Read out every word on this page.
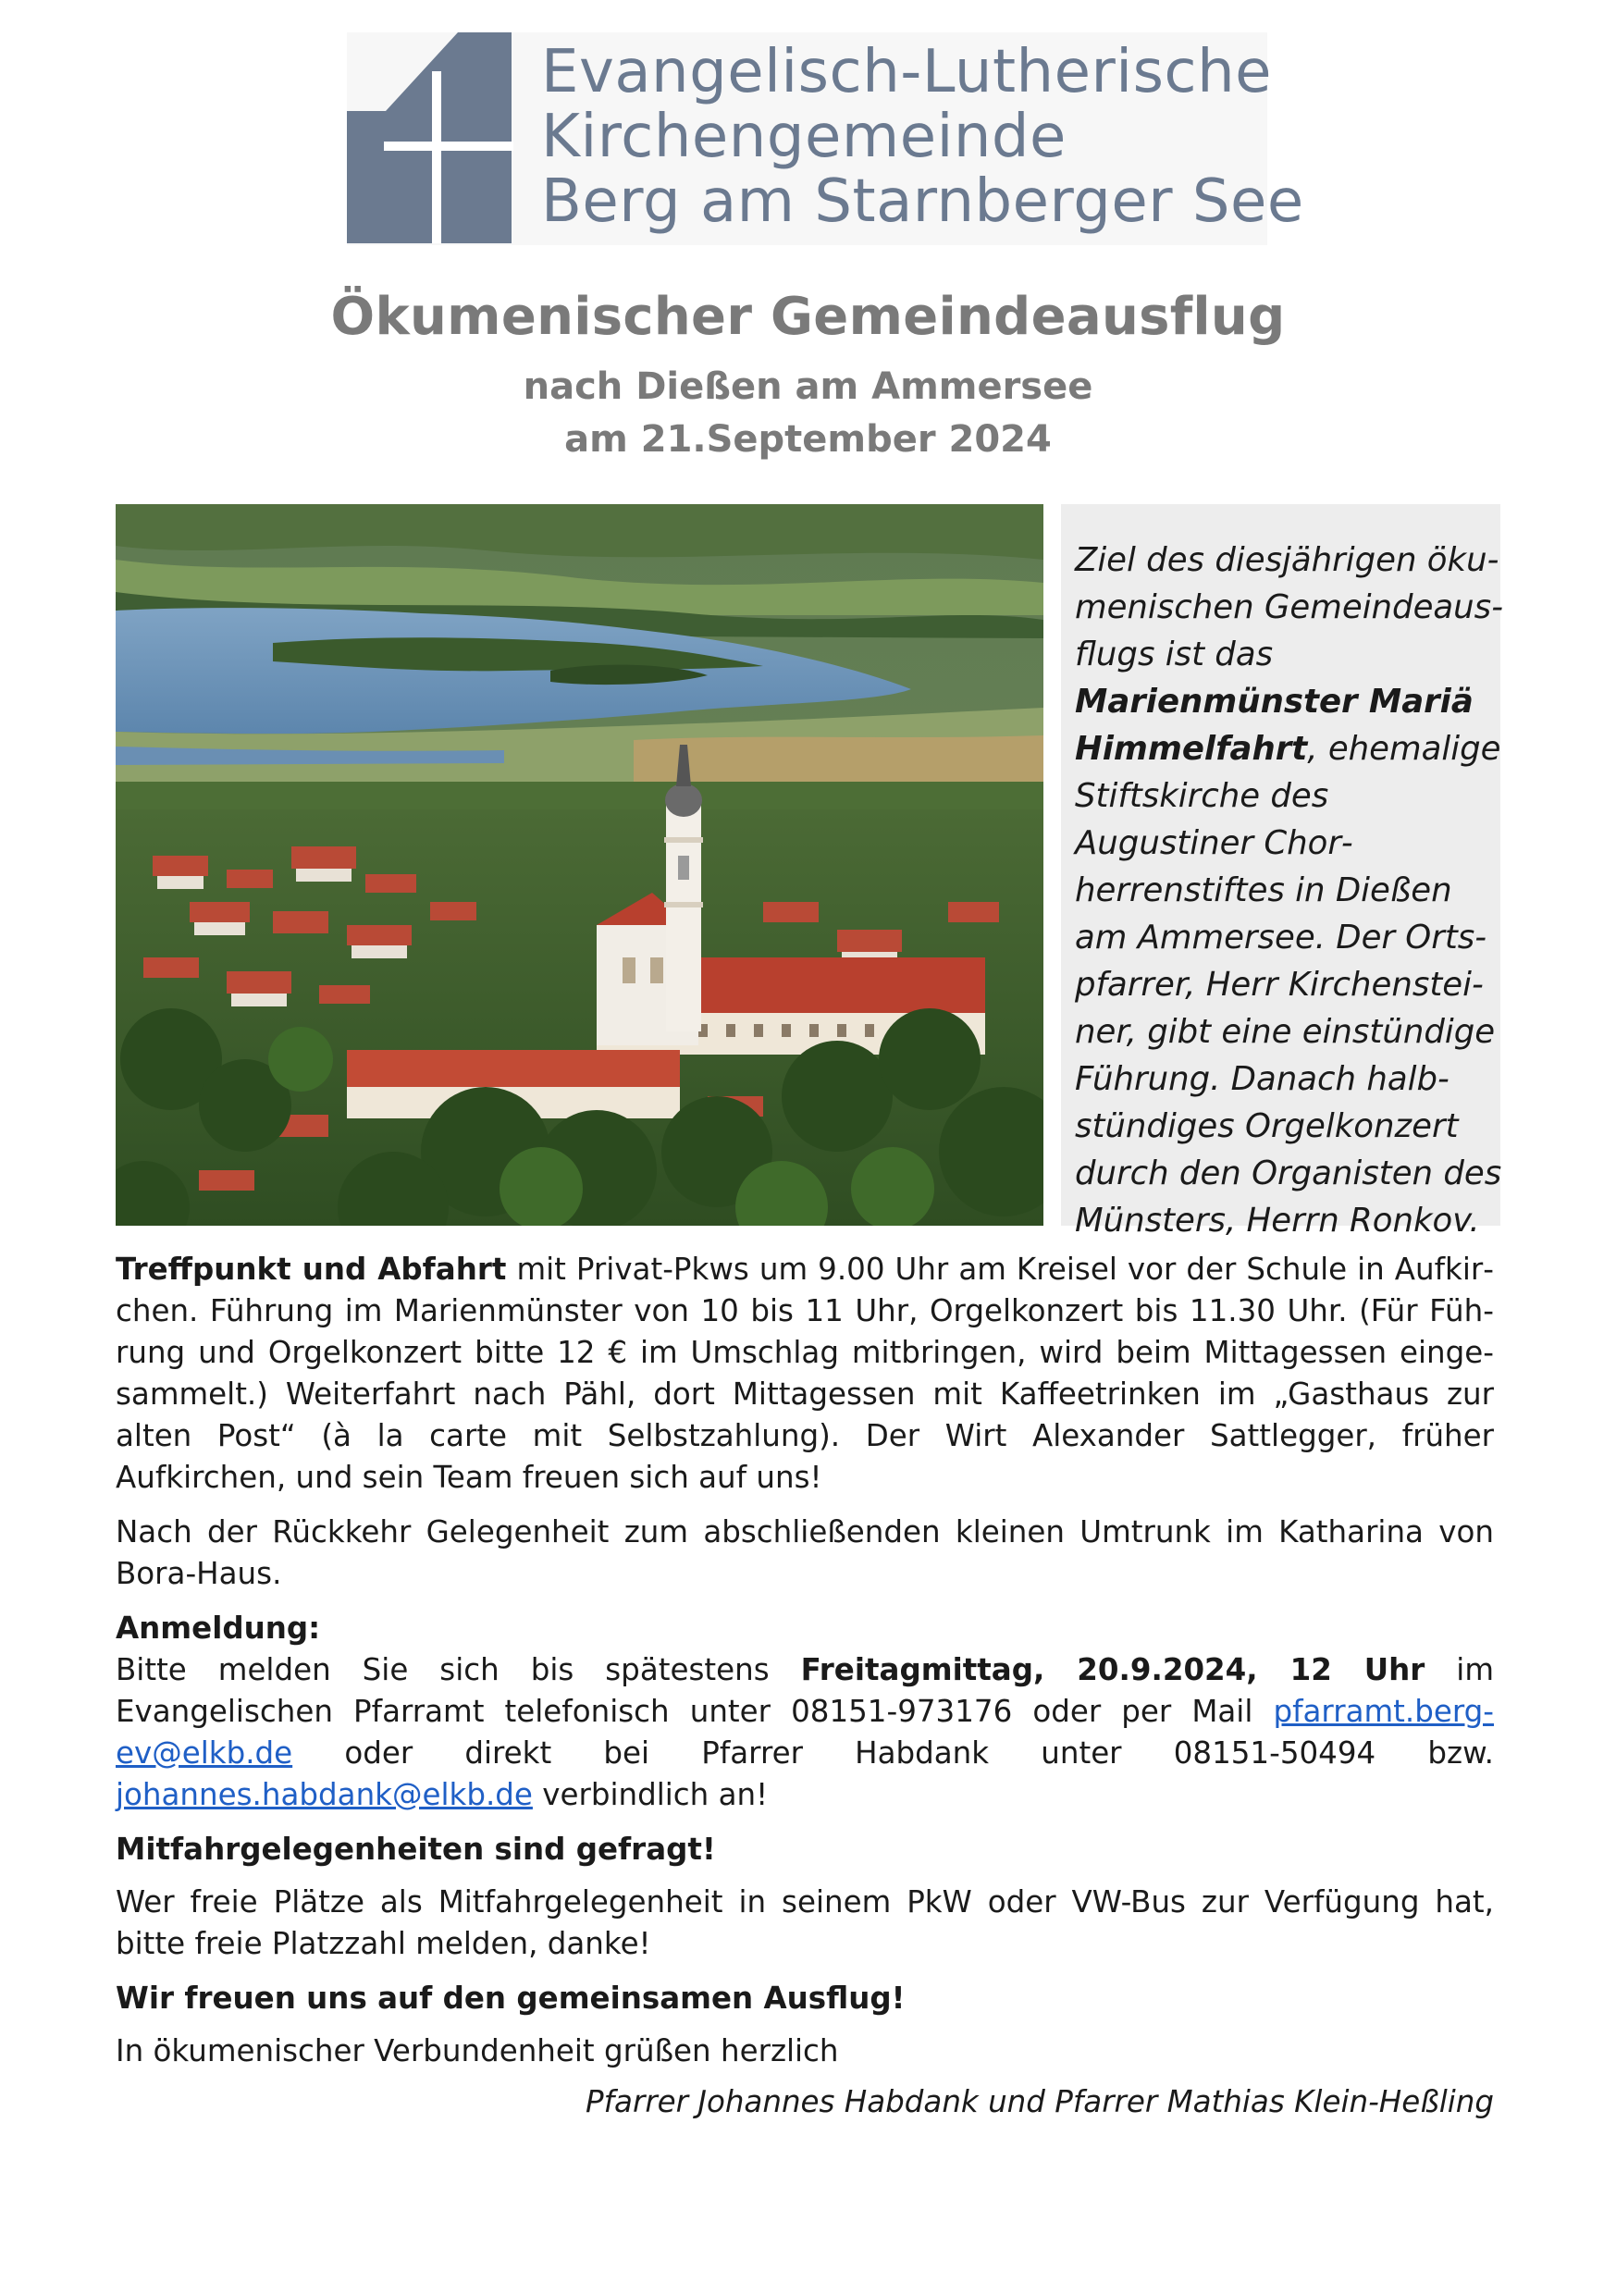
Evangelisch-Lutherische
Kirchengemeinde
Berg am Starnberger See
Ökumenischer Gemeindeausflug
nach Dießen am Ammersee
am 21.September 2024

Ziel des diesjährigen ökumenischen Gemeindeausflugs ist das Marienmünster Mariä Himmelfahrt, ehemalige Stiftskirche des Augustiner Chorherrenstiftes in Dießen am Ammersee. Der Ortspfarrer, Herr Kirchensteiner, gibt eine einstündige Führung. Danach halbstündiges Orgelkonzert durch den Organisten des Münsters, Herrn Ronkov.

Treffpunkt und Abfahrt mit Privat-Pkws um 9.00 Uhr am Kreisel vor der Schule in Aufkirchen. Führung im Marienmünster von 10 bis 11 Uhr, Orgelkonzert bis 11.30 Uhr. (Für Führung und Orgelkonzert bitte 12 € im Umschlag mitbringen, wird beim Mittagessen eingesammelt.) Weiterfahrt nach Pähl, dort Mittagessen mit Kaffeetrinken im „Gasthaus zur alten Post“ (à la carte mit Selbstzahlung). Der Wirt Alexander Sattlegger, früher Aufkirchen, und sein Team freuen sich auf uns!

Nach der Rückkehr Gelegenheit zum abschließenden kleinen Umtrunk im Katharina von Bora-Haus.

Anmeldung:

Bitte melden Sie sich bis spätestens Freitagmittag, 20.9.2024, 12 Uhr im Evangelischen Pfarramt telefonisch unter 08151-973176 oder per Mail pfarramt.berg-ev@elkb.de oder direkt bei Pfarrer Habdank unter 08151-50494 bzw. johannes.habdank@elkb.de verbindlich an!

Mitfahrgelegenheiten sind gefragt!

Wer freie Plätze als Mitfahrgelegenheit in seinem PkW oder VW-Bus zur Verfügung hat, bitte freie Platzzahl melden, danke!

Wir freuen uns auf den gemeinsamen Ausflug!

In ökumenischer Verbundenheit grüßen herzlich

Pfarrer Johannes Habdank und Pfarrer Mathias Klein-Heßling
